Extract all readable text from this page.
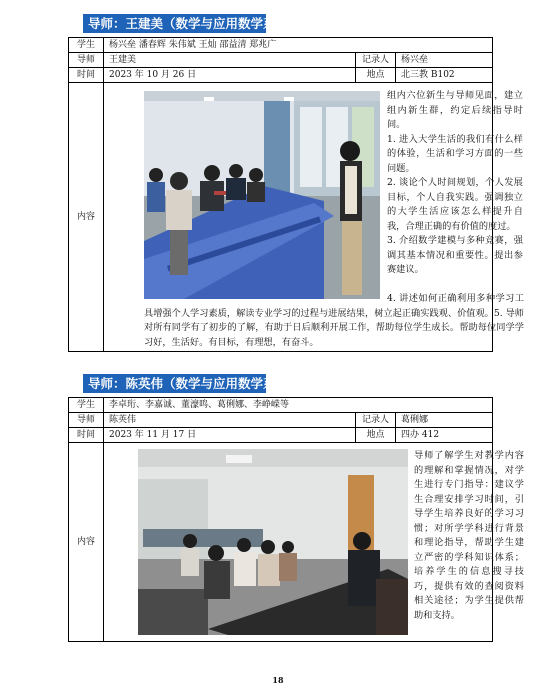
导师：王建美（数学与应用数学系）
学生	杨兴垒 潘春辉 朱伟斌 王灿 邵益清 郑兆广		
导师	王建美	记录人	杨兴垒
时间	2023 年 10 月 26 日	地点	北三教 B102
内容	组内六位新生与导师见面，建立组内新生群，约定后续指导时间。

1. 进入大学生活的我们有什么样的体验，生活和学习方面的一些问题。

2. 谈论个人时间规划，个人发展目标，个人自我实践。强调独立的大学生活应该怎么样提升自我，合理正确的有价值的度过。

3. 介绍数学建模与多种竞赛，强调其基本情况和重要性。提出参赛建议。

4. 讲述如何正确利用多种学习工具增强个人学习素质，解读专业学习的过程与进展结果，树立起正确实践观、价值观。5. 导师对所有同学有了初步的了解，有助于日后顺利开展工作，帮助每位学生成长。帮助每位同学学习好，生活好。有目标，有理想，有奋斗。		

导师：陈英伟（数学与应用数学系）
学生	李卓珩、李嘉诚、董濠鸣、葛俐娜、李峥嵘等		
导师	陈英伟	记录人	葛俐娜
时间	2023 年 11 月 17 日	地点	四办 412
内容	导师了解学生对教学内容的理解和掌握情况，对学生进行专门指导：建议学生合理安排学习时间，引导学生培养良好的学习习惯；对所学学科进行背景和理论指导，帮助学生建立严密的学科知识体系；培养学生的信息搜寻技巧，提供有效的查阅资料相关途径；为学生提供帮助和支持。		

18
